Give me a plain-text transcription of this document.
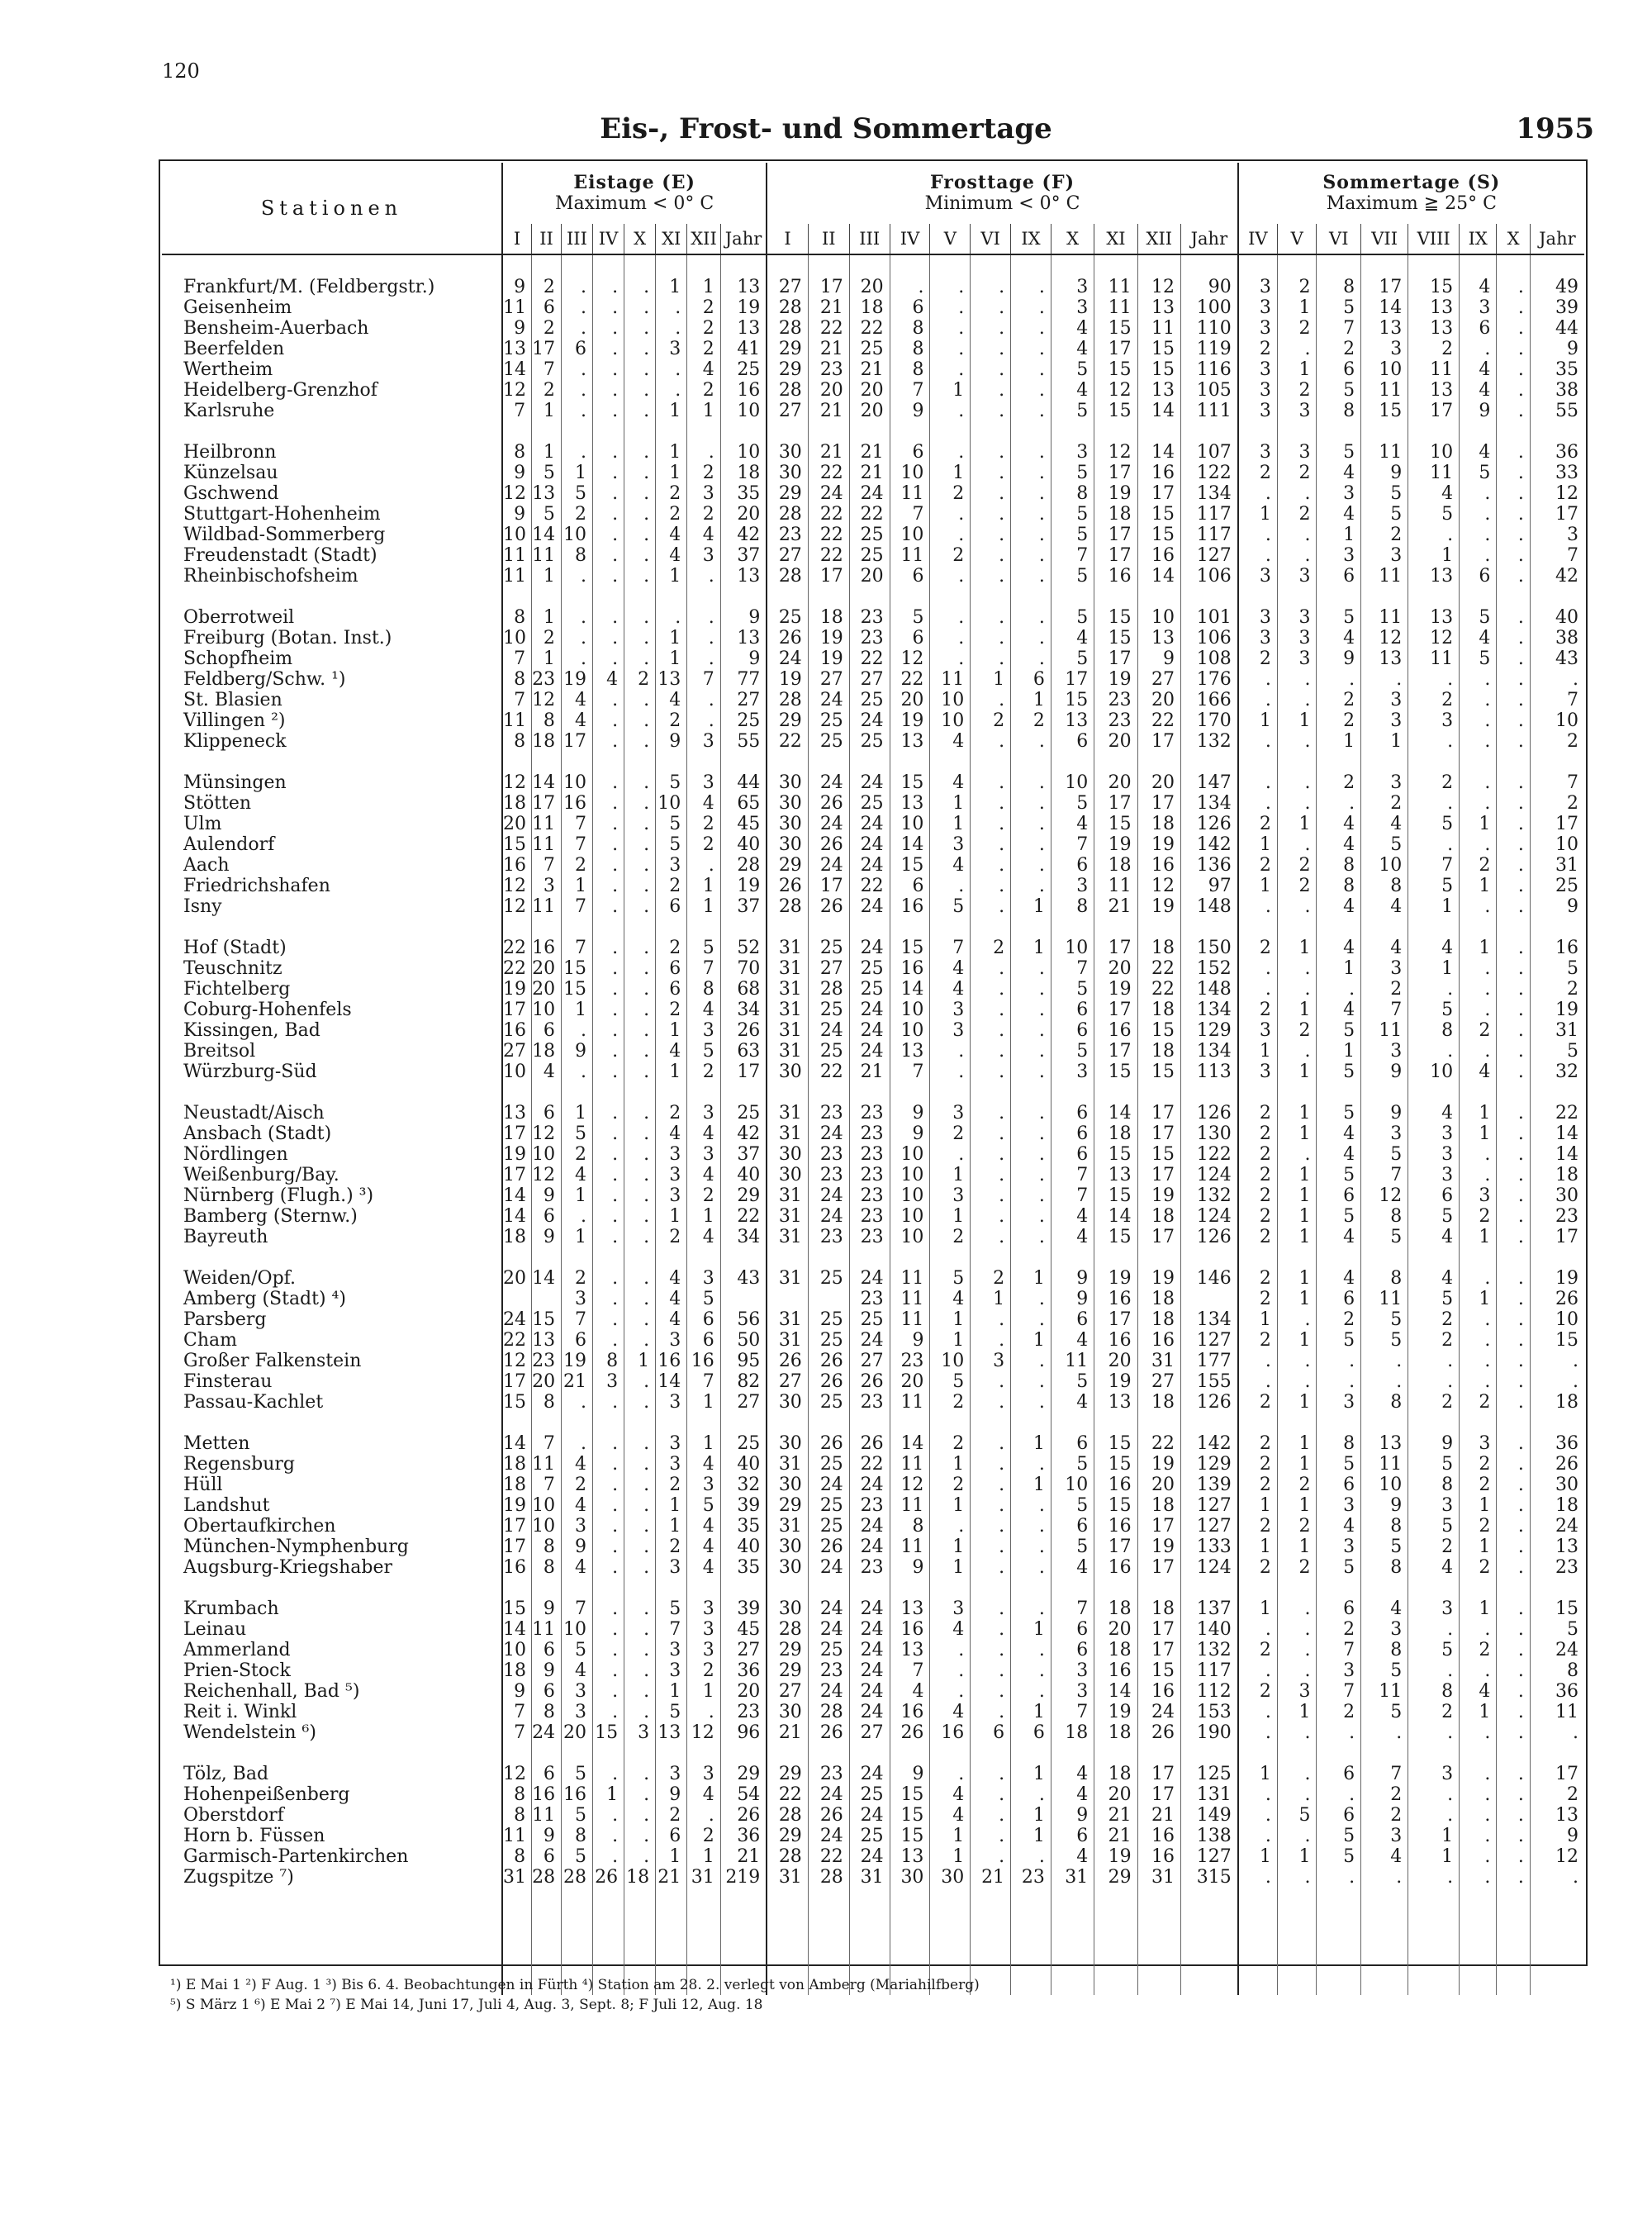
120
Eis-, Frost- und Sommertage	1955
Stationen	Eistage (E)
Maximum < 0° C								Frosttage (F)
Minimum < 0° C											Sommertage (S)
Maximum ≧ 25° C							
	I	II	III	IV	X	XI	XII	Jahr	I	II	III	IV	V	VI	IX	X	XI	XII	Jahr	IV	V	VI	VII	VIII	IX	X	Jahr

Frankfurt/M. (Feldbergstr.)	9	2	.	.	.	1	1	13	27	17	20	.	.	.	.	3	11	12	90	3	2	8	17	15	4	.	49
Geisenheim	11	6	.	.	.	.	2	19	28	21	18	6	.	.	.	3	11	13	100	3	1	5	14	13	3	.	39
Bensheim-Auerbach	9	2	.	.	.	.	2	13	28	22	22	8	.	.	.	4	15	11	110	3	2	7	13	13	6	.	44
Beerfelden	13	17	6	.	.	3	2	41	29	21	25	8	.	.	.	4	17	15	119	2	.	2	3	2	.	.	9
Wertheim	14	7	.	.	.	.	4	25	29	23	21	8	.	.	.	5	15	15	116	3	1	6	10	11	4	.	35
Heidelberg-Grenzhof	12	2	.	.	.	.	2	16	28	20	20	7	1	.	.	4	12	13	105	3	2	5	11	13	4	.	38
Karlsruhe	7	1	.	.	.	1	1	10	27	21	20	9	.	.	.	5	15	14	111	3	3	8	15	17	9	.	55

Heilbronn	8	1	.	.	.	1	.	10	30	21	21	6	.	.	.	3	12	14	107	3	3	5	11	10	4	.	36
Künzelsau	9	5	1	.	.	1	2	18	30	22	21	10	1	.	.	5	17	16	122	2	2	4	9	11	5	.	33
Gschwend	12	13	5	.	.	2	3	35	29	24	24	11	2	.	.	8	19	17	134	.	.	3	5	4	.	.	12
Stuttgart-Hohenheim	9	5	2	.	.	2	2	20	28	22	22	7	.	.	.	5	18	15	117	1	2	4	5	5	.	.	17
Wildbad-Sommerberg	10	14	10	.	.	4	4	42	23	22	25	10	.	.	.	5	17	15	117	.	.	1	2	.	.	.	3
Freudenstadt (Stadt)	11	11	8	.	.	4	3	37	27	22	25	11	2	.	.	7	17	16	127	.	.	3	3	1	.	.	7
Rheinbischofsheim	11	1	.	.	.	1	.	13	28	17	20	6	.	.	.	5	16	14	106	3	3	6	11	13	6	.	42

Oberrotweil	8	1	.	.	.	.	.	9	25	18	23	5	.	.	.	5	15	10	101	3	3	5	11	13	5	.	40
Freiburg (Botan. Inst.)	10	2	.	.	.	1	.	13	26	19	23	6	.	.	.	4	15	13	106	3	3	4	12	12	4	.	38
Schopfheim	7	1	.	.	.	1	.	9	24	19	22	12	.	.	.	5	17	9	108	2	3	9	13	11	5	.	43
Feldberg/Schw. ¹)	8	23	19	4	2	13	7	77	19	27	27	22	11	1	6	17	19	27	176	.	.	.	.	.	.	.	.
St. Blasien	7	12	4	.	.	4	.	27	28	24	25	20	10	.	1	15	23	20	166	.	.	2	3	2	.	.	7
Villingen ²)	11	8	4	.	.	2	.	25	29	25	24	19	10	2	2	13	23	22	170	1	1	2	3	3	.	.	10
Klippeneck	8	18	17	.	.	9	3	55	22	25	25	13	4	.	.	6	20	17	132	.	.	1	1	.	.	.	2

Münsingen	12	14	10	.	.	5	3	44	30	24	24	15	4	.	.	10	20	20	147	.	.	2	3	2	.	.	7
Stötten	18	17	16	.	.	10	4	65	30	26	25	13	1	.	.	5	17	17	134	.	.	.	2	.	.	.	2
Ulm	20	11	7	.	.	5	2	45	30	24	24	10	1	.	.	4	15	18	126	2	1	4	4	5	1	.	17
Aulendorf	15	11	7	.	.	5	2	40	30	26	24	14	3	.	.	7	19	19	142	1	.	4	5	.	.	.	10
Aach	16	7	2	.	.	3	.	28	29	24	24	15	4	.	.	6	18	16	136	2	2	8	10	7	2	.	31
Friedrichshafen	12	3	1	.	.	2	1	19	26	17	22	6	.	.	.	3	11	12	97	1	2	8	8	5	1	.	25
Isny	12	11	7	.	.	6	1	37	28	26	24	16	5	.	1	8	21	19	148	.	.	4	4	1	.	.	9

Hof (Stadt)	22	16	7	.	.	2	5	52	31	25	24	15	7	2	1	10	17	18	150	2	1	4	4	4	1	.	16
Teuschnitz	22	20	15	.	.	6	7	70	31	27	25	16	4	.	.	7	20	22	152	.	.	1	3	1	.	.	5
Fichtelberg	19	20	15	.	.	6	8	68	31	28	25	14	4	.	.	5	19	22	148	.	.	.	2	.	.	.	2
Coburg-Hohenfels	17	10	1	.	.	2	4	34	31	25	24	10	3	.	.	6	17	18	134	2	1	4	7	5	.	.	19
Kissingen, Bad	16	6	.	.	.	1	3	26	31	24	24	10	3	.	.	6	16	15	129	3	2	5	11	8	2	.	31
Breitsol	27	18	9	.	.	4	5	63	31	25	24	13	.	.	.	5	17	18	134	1	.	1	3	.	.	.	5
Würzburg-Süd	10	4	.	.	.	1	2	17	30	22	21	7	.	.	.	3	15	15	113	3	1	5	9	10	4	.	32

Neustadt/Aisch	13	6	1	.	.	2	3	25	31	23	23	9	3	.	.	6	14	17	126	2	1	5	9	4	1	.	22
Ansbach (Stadt)	17	12	5	.	.	4	4	42	31	24	23	9	2	.	.	6	18	17	130	2	1	4	3	3	1	.	14
Nördlingen	19	10	2	.	.	3	3	37	30	23	23	10	.	.	.	6	15	15	122	2	.	4	5	3	.	.	14
Weißenburg/Bay.	17	12	4	.	.	3	4	40	30	23	23	10	1	.	.	7	13	17	124	2	1	5	7	3	.	.	18
Nürnberg (Flugh.) ³)	14	9	1	.	.	3	2	29	31	24	23	10	3	.	.	7	15	19	132	2	1	6	12	6	3	.	30
Bamberg (Sternw.)	14	6	.	.	.	1	1	22	31	24	23	10	1	.	.	4	14	18	124	2	1	5	8	5	2	.	23
Bayreuth	18	9	1	.	.	2	4	34	31	23	23	10	2	.	.	4	15	17	126	2	1	4	5	4	1	.	17

Weiden/Opf.	20	14	2	.	.	4	3	43	31	25	24	11	5	2	1	9	19	19	146	2	1	4	8	4	.	.	19
Amberg (Stadt) ⁴)			3	.	.	4	5				23	11	4	1	.	9	16	18		2	1	6	11	5	1	.	26
Parsberg	24	15	7	.	.	4	6	56	31	25	25	11	1	.	.	6	17	18	134	1	.	2	5	2	.	.	10
Cham	22	13	6	.	.	3	6	50	31	25	24	9	1	.	1	4	16	16	127	2	1	5	5	2	.	.	15
Großer Falkenstein	12	23	19	8	1	16	16	95	26	26	27	23	10	3	.	11	20	31	177	.	.	.	.	.	.	.	.
Finsterau	17	20	21	3	.	14	7	82	27	26	26	20	5	.	.	5	19	27	155	.	.	.	.	.	.	.	.
Passau-Kachlet	15	8	.	.	.	3	1	27	30	25	23	11	2	.	.	4	13	18	126	2	1	3	8	2	2	.	18

Metten	14	7	.	.	.	3	1	25	30	26	26	14	2	.	1	6	15	22	142	2	1	8	13	9	3	.	36
Regensburg	18	11	4	.	.	3	4	40	31	25	22	11	1	.	.	5	15	19	129	2	1	5	11	5	2	.	26
Hüll	18	7	2	.	.	2	3	32	30	24	24	12	2	.	1	10	16	20	139	2	2	6	10	8	2	.	30
Landshut	19	10	4	.	.	1	5	39	29	25	23	11	1	.	.	5	15	18	127	1	1	3	9	3	1	.	18
Obertaufkirchen	17	10	3	.	.	1	4	35	31	25	24	8	.	.	.	6	16	17	127	2	2	4	8	5	2	.	24
München-Nymphenburg	17	8	9	.	.	2	4	40	30	26	24	11	1	.	.	5	17	19	133	1	1	3	5	2	1	.	13
Augsburg-Kriegshaber	16	8	4	.	.	3	4	35	30	24	23	9	1	.	.	4	16	17	124	2	2	5	8	4	2	.	23

Krumbach	15	9	7	.	.	5	3	39	30	24	24	13	3	.	.	7	18	18	137	1	.	6	4	3	1	.	15
Leinau	14	11	10	.	.	7	3	45	28	24	24	16	4	.	1	6	20	17	140	.	.	2	3	.	.	.	5
Ammerland	10	6	5	.	.	3	3	27	29	25	24	13	.	.	.	6	18	17	132	2	.	7	8	5	2	.	24
Prien-Stock	18	9	4	.	.	3	2	36	29	23	24	7	.	.	.	3	16	15	117	.	.	3	5	.	.	.	8
Reichenhall, Bad ⁵)	9	6	3	.	.	1	1	20	27	24	24	4	.	.	.	3	14	16	112	2	3	7	11	8	4	.	36
Reit i. Winkl	7	8	3	.	.	5	.	23	30	28	24	16	4	.	1	7	19	24	153	.	1	2	5	2	1	.	11
Wendelstein ⁶)	7	24	20	15	3	13	12	96	21	26	27	26	16	6	6	18	18	26	190	.	.	.	.	.	.	.	.

Tölz, Bad	12	6	5	.	.	3	3	29	29	23	24	9	.	.	1	4	18	17	125	1	.	6	7	3	.	.	17
Hohenpeißenberg	8	16	16	1	.	9	4	54	22	24	25	15	4	.	.	4	20	17	131	.	.	.	2	.	.	.	2
Oberstdorf	8	11	5	.	.	2	.	26	28	26	24	15	4	.	1	9	21	21	149	.	5	6	2	.	.	.	13
Horn b. Füssen	11	9	8	.	.	6	2	36	29	24	25	15	1	.	1	6	21	16	138	.	.	5	3	1	.	.	9
Garmisch-Partenkirchen	8	6	5	.	.	1	1	21	28	22	24	13	1	.	.	4	19	16	127	1	1	5	4	1	.	.	12
Zugspitze ⁷)	31	28	28	26	18	21	31	219	31	28	31	30	30	21	23	31	29	31	315	.	.	.	.	.	.	.	.

¹) E Mai 1 ²) F Aug. 1 ³) Bis 6. 4. Beobachtungen in Fürth ⁴) Station am 28. 2. verlegt von Amberg (Mariahilfberg)
⁵) S März 1 ⁶) E Mai 2 ⁷) E Mai 14, Juni 17, Juli 4, Aug. 3, Sept. 8; F Juli 12, Aug. 18
